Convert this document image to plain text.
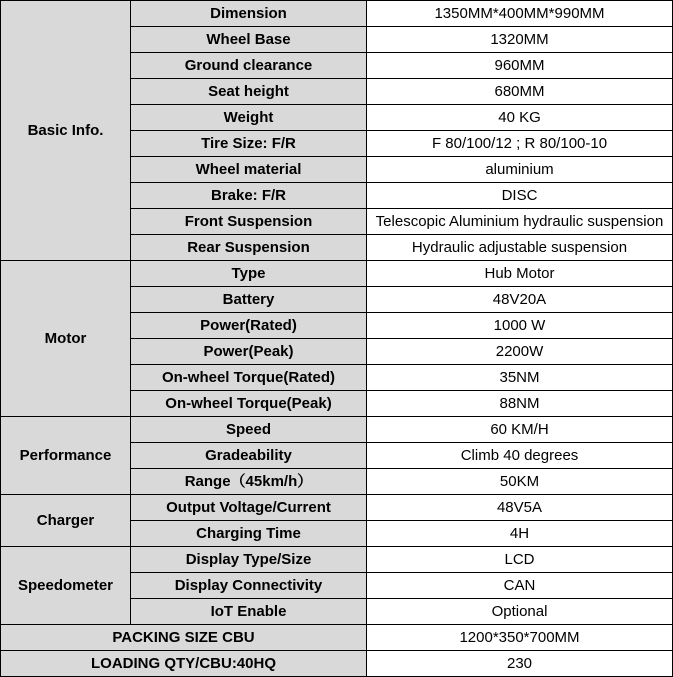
Basic Info.	Dimension	1350MM*400MM*990MM
	Wheel Base	1320MM
	Ground clearance	960MM
	Seat height	680MM
	Weight	40 KG
	Tire Size: F/R	F 80/100/12 ; R 80/100-10
	Wheel material	aluminium
	Brake: F/R	DISC
	Front Suspension	Telescopic Aluminium hydraulic suspension
	Rear Suspension	Hydraulic adjustable suspension
Motor	Type	Hub Motor
	Battery	48V20A
	Power(Rated)	1000 W
	Power(Peak)	2200W
	On-wheel Torque(Rated)	35NM
	On-wheel Torque(Peak)	88NM
Performance	Speed	60 KM/H
	Gradeability	Climb 40 degrees
	Range（45km/h）	50KM
Charger	Output Voltage/Current	48V5A
	Charging Time	4H
Speedometer	Display Type/Size	LCD
	Display Connectivity	CAN
	IoT Enable	Optional
PACKING SIZE CBU		1200*350*700MM
LOADING QTY/CBU:40HQ		230
